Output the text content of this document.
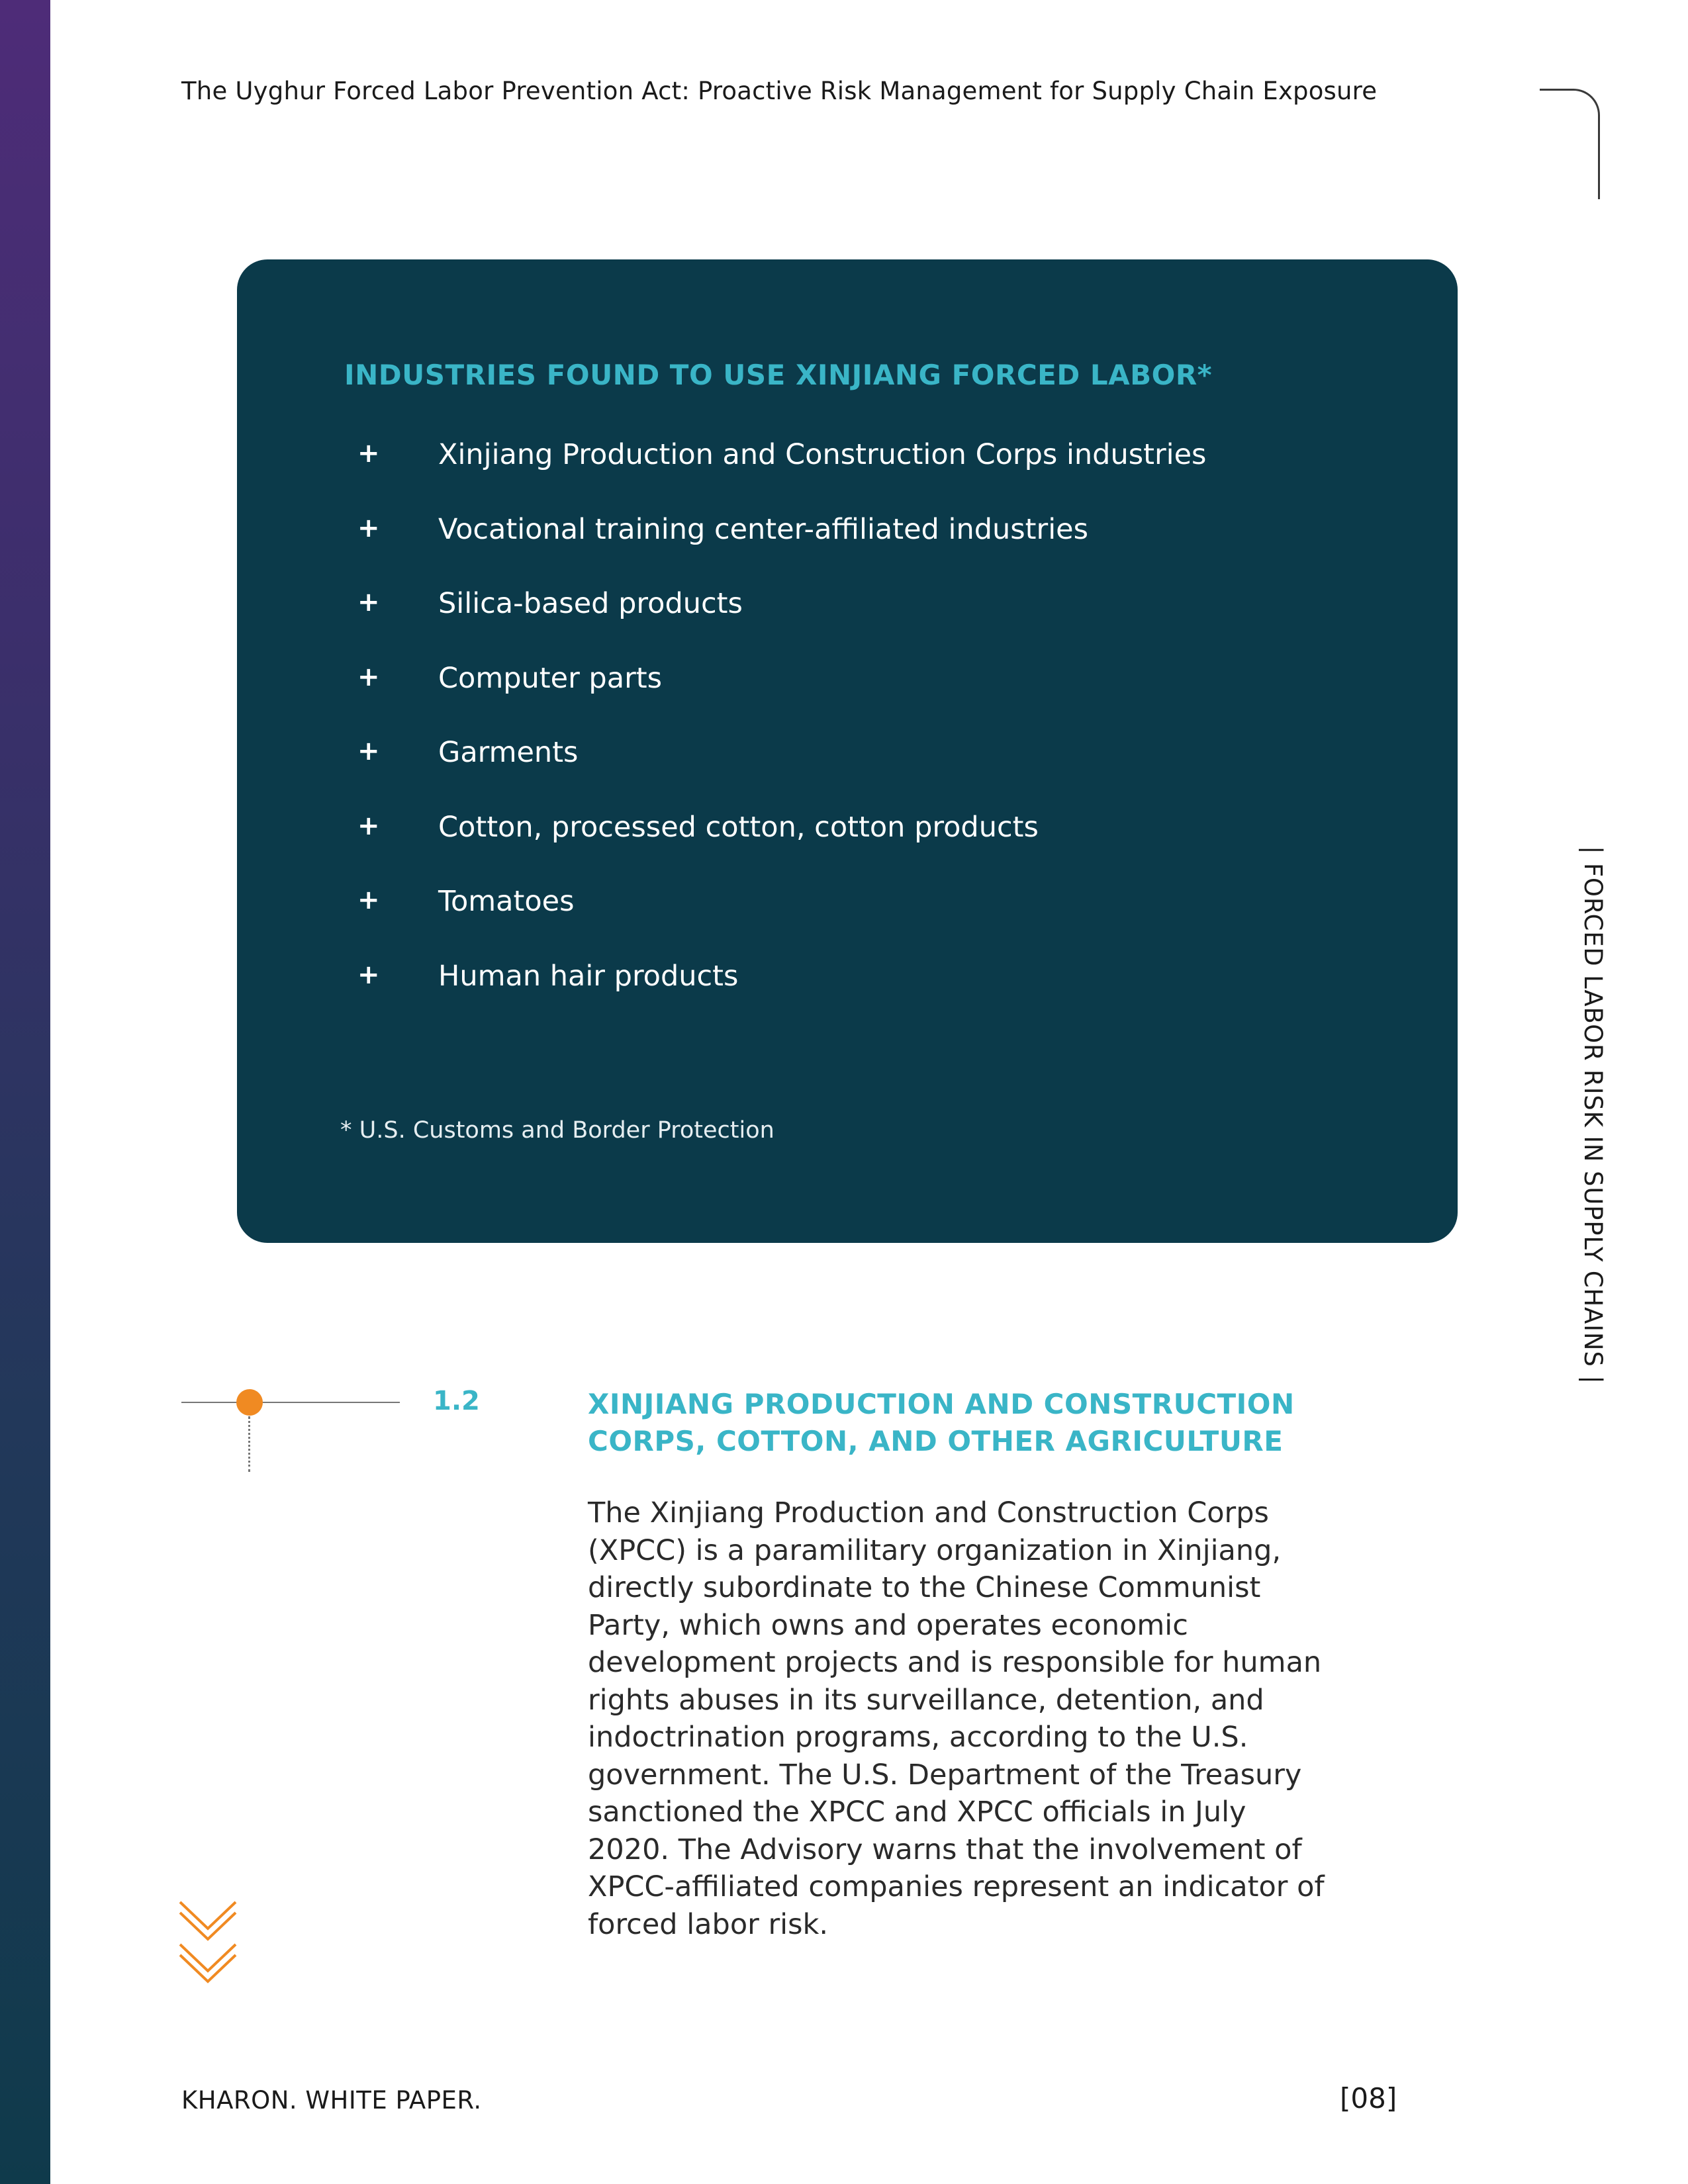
The Uyghur Forced Labor Prevention Act: Proactive Risk Management for Supply Chain Exposure
INDUSTRIES FOUND TO USE XINJIANG FORCED LABOR*
+	Xinjiang Production and Construction Corps industries
+	Vocational training center-affiliated industries
+	Silica-based products
+	Computer parts
+	Garments
+	Cotton, processed cotton, cotton products
+	Tomatoes
+	Human hair products
* U.S. Customs and Border Protection	| FORCED LABOR RISK IN SUPPLY CHAINS |
1.2	XINJIANG PRODUCTION AND CONSTRUCTION
CORPS, COTTON, AND OTHER AGRICULTURE
The Xinjiang Production and Construction Corps
(XPCC) is a paramilitary organization in Xinjiang,
directly subordinate to the Chinese Communist
Party, which owns and operates economic
development projects and is responsible for human
rights abuses in its surveillance, detention, and
indoctrination programs, according to the U.S.
government. The U.S. Department of the Treasury
sanctioned the XPCC and XPCC officials in July
2020. The Advisory warns that the involvement of
XPCC-affiliated companies represent an indicator of
forced labor risk.
KHARON. WHITE PAPER.	[08]
